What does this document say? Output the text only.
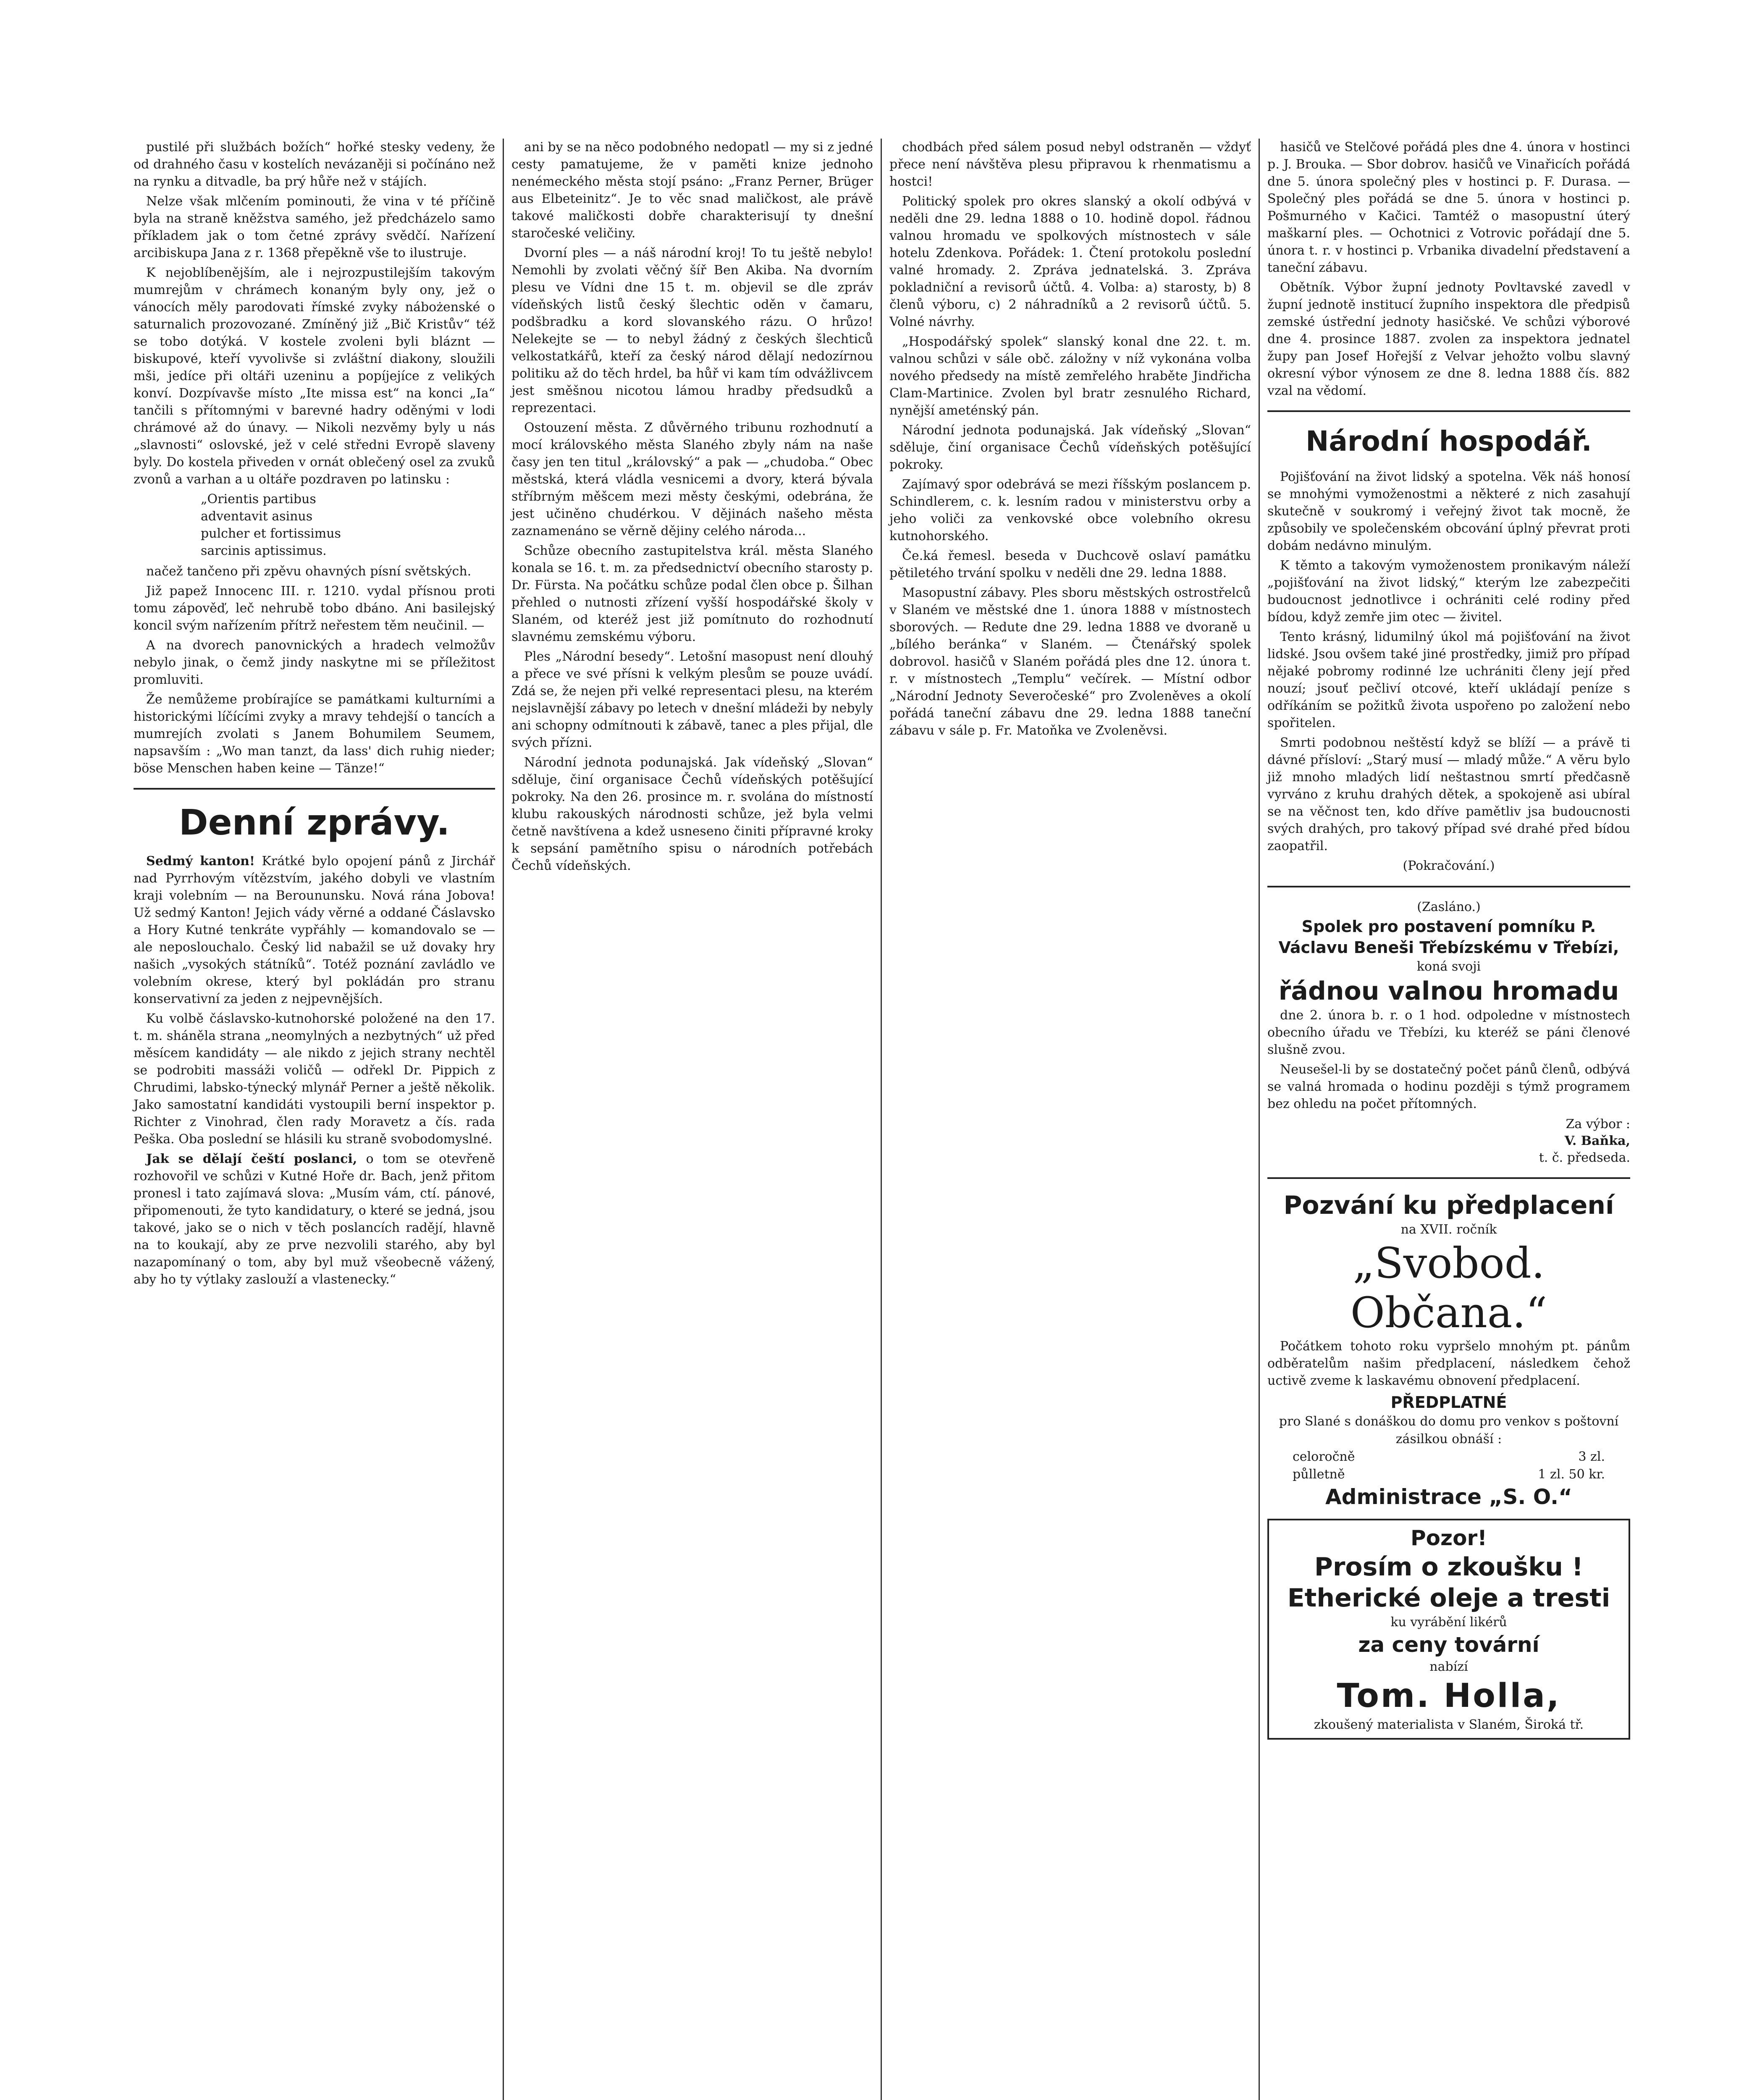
pustilé při službách božích“ hořké stesky vedeny, že od drahného času v kostelích nevázaněji si počínáno než na rynku a ditvadle, ba prý hůře než v stájích.

Nelze však mlčením pominouti, že vina v té příčině byla na straně kněžstva samého, jež předcházelo samo příkladem jak o tom četné zprávy svědčí. Nařízení arcibiskupa Jana z r. 1368 přepěkně vše to ilustruje.

K nejoblíbenějším, ale i nejrozpustilejším takovým mumrejům v chrámech konaným byly ony, jež o vánocích měly parodovati římské zvyky nábożenské o saturnalich prozovozané. Zmíněný již „Bič Kristův“ též se tobo dotýká. V kostele zvoleni byli bláznt — biskupové, kteří vyvolivše si zvláštní diakony, sloužili mši, jedíce při oltáři uzeninu a popíjejíce z velikých konví. Dozpívavše místo „Ite missa est“ na konci „Ia“ tančili s přítomnými v barevné hadry oděnými v lodi chrámové až do únavy. — Nikoli nezvěmy byly u nás „slavnosti“ oslovské, jež v celé středni Evropě slaveny byly. Do kostela přiveden v ornát oblečený osel za zvuků zvonů a varhan a u oltáře pozdraven po latinsku :

„Orientis partibus
adventavit asinus
pulcher et fortissimus
sarcinis aptissimus.

načež tančeno při zpěvu ohavných písní světských.

Již papež Innocenc III. r. 1210. vydal přísnou proti tomu zápověď, leč nehrubě tobo dbáno. Ani basilejský koncil svým nařízením přítrž neřestem těm neučinil. —

A na dvorech panovnických a hradech velmožův nebylo jinak, o čemž jindy naskytne mi se příležitost promluviti.

Že nemůžeme probírajíce se památkami kulturními a historickými líčícími zvyky a mravy tehdejší o tancích a mumrejích zvolati s Janem Bohumilem Seumem, napsavším : „Wo man tanzt, da lass' dich ruhig nieder; böse Menschen haben keine — Tänze!“

Denní zprávy.

Sedmý kanton! Krátké bylo opojení pánů z Jirchář nad Pyrrhovým vítězstvím, jakého dobyli ve vlastním kraji volebním — na Beroununsku. Nová rána Jobova! Už sedmý Kanton! Jejich vády věrné a oddané Čáslavsko a Hory Kutné tenkráte vypřáhly — komandovalo se — ale neposlouchalo. Český lid nabažil se už dovaky hry našich „vysokých státníků“. Totéž poznání zavládlo ve volebním okrese, který byl pokládán pro stranu konservativní za jeden z nejpevnějších.

Ku volbě čáslavsko-kutnohorské položené na den 17. t. m. sháněla strana „neomylných a nezbytných“ už před měsícem kandidáty — ale nikdo z jejich strany nechtěl se podrobiti massáži voličů — odřekl Dr. Pippich z Chrudimi, labsko-týnecký mlynář Perner a ještě několik. Jako samostatní kandidáti vystoupili berní inspektor p. Richter z Vinohrad, člen rady Moravetz a čís. rada Peška. Oba poslední se hlásili ku straně svobodomyslné.

Jak se dělají čeští poslanci, o tom se otevřeně rozhovořil ve schůzi v Kutné Hoře dr. Bach, jenž přitom pronesl i tato zajímavá slova: „Musím vám, ctí. pánové, připomenouti, že tyto kandidatury, o které se jedná, jsou takové, jako se o nich v těch poslancích radějí, hlavně na to koukají, aby ze prve nezvolili starého, aby byl nazapomínaný o tom, aby byl muž všeobecně vážený, aby ho ty výtlaky zaslouží a vlastenecky.“

ani by se na něco podobného nedopatl — my si z jedné cesty pamatujeme, že v paměti knize jednoho nenémeckého města stojí psáno: „Franz Perner, Brüger aus Elbeteinitz“. Je to věc snad maličkost, ale právě takové maličkosti dobře charakterisují ty dnešní staročeské veličiny.

Dvorní ples — a náš národní kroj! To tu ještě nebylo! Nemohli by zvolati věčný šíř Ben Akiba. Na dvorním plesu ve Vídni dne 15 t. m. objevil se dle zpráv vídeňských listů český šlechtic oděn v čamaru, podšbradku a kord slovanského rázu. O hrůzo! Nelekejte se — to nebyl žádný z českých šlechticů velkostatkářů, kteří za český národ dělají nedozírnou politiku až do těch hrdel, ba hůř vi kam tím odvážlivcem jest směšnou nicotou lámou hradby předsudků a reprezentaci.

Ostouzení města. Z důvěrného tribunu rozhodnutí a mocí královského města Slaného zbyly nám na naše časy jen ten titul „královský“ a pak — „chudoba.“ Obec městská, která vládla vesnicemi a dvory, která bývala stříbrným měšcem mezi městy českými, odebrána, že jest učiněno chudérkou. V dějinách našeho města zaznamenáno se věrně dějiny celého národa...

Schůze obecního zastupitelstva král. města Slaného konala se 16. t. m. za předsednictví obecního starosty p. Dr. Fürsta. Na počátku schůze podal člen obce p. Šilhan přehled o nutnosti zřízení vyšší hospodářské školy v Slaném, od kteréž jest již pomítnuto do rozhodnutí slavnému zemskému výboru.

Ples „Národní besedy“. Letošní masopust není dlouhý a přece ve své přísni k velkým plesům se pouze uvádí. Zdá se, že nejen při velké representaci plesu, na kterém nejslavnější zábavy po letech v dnešní mládeži by nebyly ani schopny odmítnouti k zábavě, tanec a ples přijal, dle svých přízni.

Národní jednota podunajská. Jak vídeňský „Slovan“ sděluje, činí organisace Čechů vídeňských potěšující pokroky. Na den 26. prosince m. r. svolána do místností klubu rakouských národnosti schůze, jež byla velmi četně navštívena a kdež usneseno činiti přípravné kroky k sepsání pamětního spisu o národních potřebách Čechů vídeňských.

chodbách před sálem posud nebyl odstraněn — vždyť přece není návštěva plesu připravou k rhenmatismu a hostci!

Politický spolek pro okres slanský a okolí odbývá v neděli dne 29. ledna 1888 o 10. hodině dopol. řádnou valnou hromadu ve spolkových místnostech v sále hotelu Zdenkova. Pořádek: 1. Čtení protokolu poslední valné hromady. 2. Zpráva jednatelská. 3. Zpráva pokladniční a revisorů účtů. 4. Volba: a) starosty, b) 8 členů výboru, c) 2 náhradníků a 2 revisorů účtů. 5. Volné návrhy.

„Hospodářský spolek“ slanský konal dne 22. t. m. valnou schůzi v sále obč. záložny v níž vykonána volba nového předsedy na místě zemřelého hraběte Jindřicha Clam-Martinice. Zvolen byl bratr zesnulého Richard, nynější ameténský pán.

Národní jednota podunajská. Jak vídeňský „Slovan“ sděluje, činí organisace Čechů vídeňských potěšující pokroky.

Zajímavý spor odebrává se mezi říšským poslancem p. Schindlerem, c. k. lesním radou v ministerstvu orby a jeho voliči za venkovské obce volebního okresu kutnohorského.

Če.ká řemesl. beseda v Duchcově oslaví památku pětiletého trvání spolku v neděli dne 29. ledna 1888.

Masopustní zábavy. Ples sboru městských ostrostřelců v Slaném ve městské dne 1. února 1888 v místnostech sborových. — Redute dne 29. ledna 1888 ve dvoraně u „bílého beránka“ v Slaném. — Čtenářský spolek dobrovol. hasičů v Slaném pořádá ples dne 12. února t. r. v místnostech „Templu“ večírek. — Místní odbor „Národní Jednoty Severočeské“ pro Zvoleněves a okolí pořádá taneční zábavu dne 29. ledna 1888 taneční zábavu v sále p. Fr. Matoňka ve Zvoleněvsi.

hasičů ve Stelčové pořádá ples dne 4. února v hostinci p. J. Brouka. — Sbor dobrov. hasičů ve Vinařicích pořádá dne 5. února společný ples v hostinci p. F. Durasa. — Společný ples pořádá se dne 5. února v hostinci p. Pošmurného v Kačici. Tamtéž o masopustní úterý maškarní ples. — Ochotnici z Votrovic pořádají dne 5. února t. r. v hostinci p. Vrbanika divadelní představení a taneční zábavu.

Obětník. Výbor župní jednoty Povltavské zavedl v župní jednotě institucí župního inspektora dle předpisů zemské ústřední jednoty hasičské. Ve schůzi výborové dne 4. prosince 1887. zvolen za inspektora jednatel župy pan Josef Hořejší z Velvar jehožto volbu slavný okresní výbor výnosem ze dne 8. ledna 1888 čís. 882 vzal na vědomí.

Národní hospodář.

Pojišťování na život lidský a spotelna. Věk náš honosí se mnohými vymoženostmi a některé z nich zasahují skutečně v soukromý i veřejný život tak mocně, že způsobily ve společenském obcování úplný převrat proti dobám nedávno minulým.

K těmto a takovým vymoženostem pronikavým náleží „pojišťování na život lidský,“ kterým lze zabezpečiti budoucnost jednotlivce i ochrániti celé rodiny před bídou, když zemře jim otec — živitel.

Tento krásný, lidumilný úkol má pojišťování na život lidské. Jsou ovšem také jiné prostředky, jimiž pro případ nějaké pobromy rodinné lze uchrániti členy její před nouzí; jsouť pečliví otcové, kteří ukládají peníze s odříkáním se požitků života uspořeno po založení nebo spořitelen.

Smrti podobnou neštěstí když se blíží — a právě ti dávné přísloví: „Starý musí — mladý může.“ A věru bylo již mnoho mladých lidí neštastnou smrtí předčasně vyrváno z kruhu drahých dětek, a spokojeně asi ubíral se na věčnost ten, kdo dříve pamětliv jsa budoucnosti svých drahých, pro takový případ své drahé před bídou zaopatřil.

(Pokračování.)
(Zasláno.)
Spolek pro postavení pomníku P. Václavu Beneši Třebízskému v Třebízi,
koná svoji
řádnou valnou hromadu

dne 2. února b. r. o 1 hod. odpoledne v místnostech obecního úřadu ve Třebízi, ku kteréž se páni členové slušně zvou.

Neusešel-li by se dostatečný počet pánů členů, odbývá se valná hromada o hodinu později s týmž programem bez ohledu na počet přítomných.

Za výbor :
V. Baňka,
t. č. předseda.
Pozvání ku předplacení
na XVII. ročník
„Svobod. Občana.“

Počátkem tohoto roku vypršelo mnohým pt. pánům odběratelům našim předplacení, následkem čehož uctivě zveme k laskavému obnovení předplacení.

PŘEDPLATNÉ
pro Slané s donáškou do domu pro venkov s poštovní zásilkou obnáší :
celoročně	3 zl.
půlletně	1 zl. 50 kr.
Administrace „S. O.“
Pozor!
Prosím o zkoušku !
Etherické oleje a tresti
ku vyrábění likérů
za ceny tovární
nabízí
Tom. Holla,
zkoušený materialista v Slaném, Široká tř.
